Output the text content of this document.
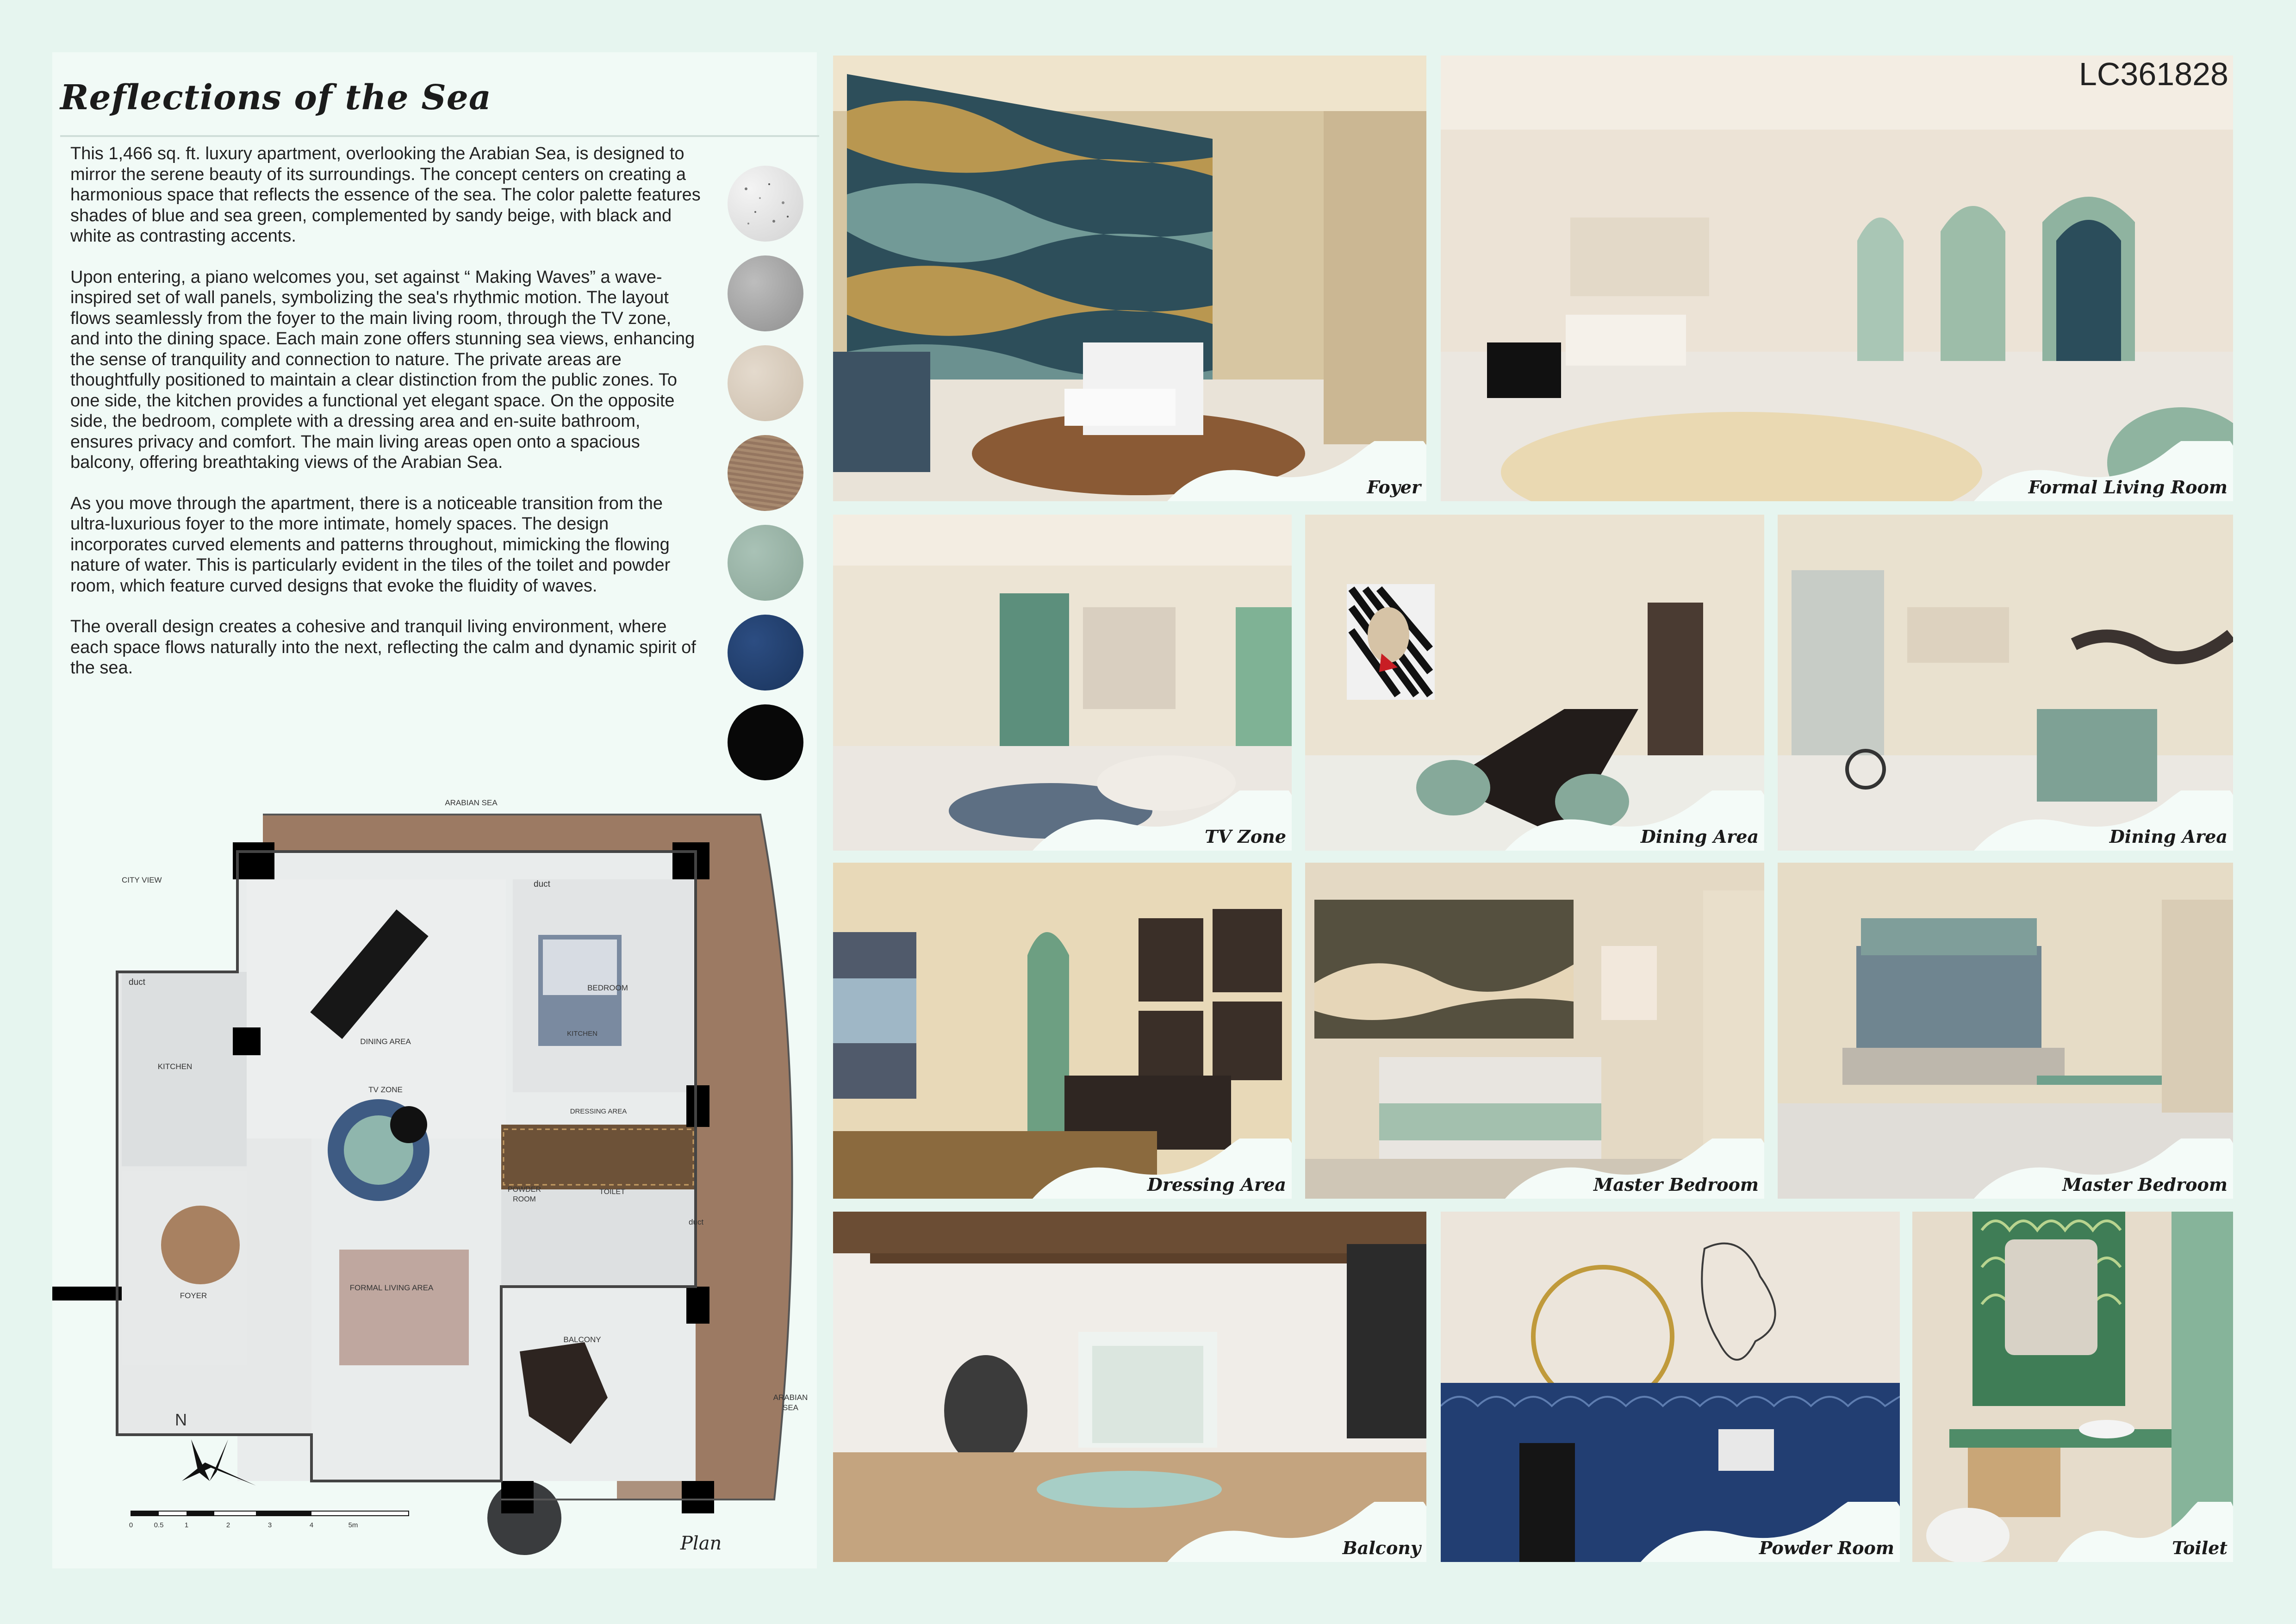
Reflections of the Sea

This 1,466 sq. ft. luxury apartment, overlooking the Arabian Sea, is designed to mirror the serene beauty of its surroundings. The concept centers on creating a harmonious space that reflects the essence of the sea. The color palette features shades of blue and sea green, complemented by sandy beige, with black and white as contrasting accents.

Upon entering, a piano welcomes you, set against “ Making Waves” a wave-inspired set of wall panels, symbolizing the sea's rhythmic motion. The layout flows seamlessly from the foyer to the main living room, through the TV zone, and into the dining space. Each main zone offers stunning sea views, enhancing the sense of tranquility and connection to nature. The private areas are thoughtfully positioned to maintain a clear distinction from the public zones. To one side, the kitchen provides a functional yet elegant space. On the opposite side, the bedroom, complete with a dressing area and en-suite bathroom, ensures privacy and comfort. The main living areas open onto a spacious balcony, offering breathtaking views of the Arabian Sea.

As you move through the apartment, there is a noticeable transition from the ultra-luxurious foyer to the more intimate, homely spaces. The design incorporates curved elements and patterns throughout, mimicking the flowing nature of water. This is particularly evident in the tiles of the toilet and powder room, which feature curved designs that evoke the fluidity of waves.

The overall design creates a cohesive and tranquil living environment, where each space flows naturally into the next, reflecting the calm and dynamic spirit of the sea.

ARABIAN SEA
CITY VIEW	duct
duct
duct
KITCHEN
DINING AREA
BEDROOM
KITCHEN
TV ZONE
DRESSING AREA
POWDER
ROOM
TOILET
FOYER
FORMAL LIVING AREA
BALCONY
ARABIAN
SEA
N
0	0.5	1	2	3	4	5m
Plan
Foyer
LC361828
Formal Living Room
TV Zone	Dining Area	Dining Area
Dressing Area	Master Bedroom	Master Bedroom
Balcony	Powder Room	Toilet
